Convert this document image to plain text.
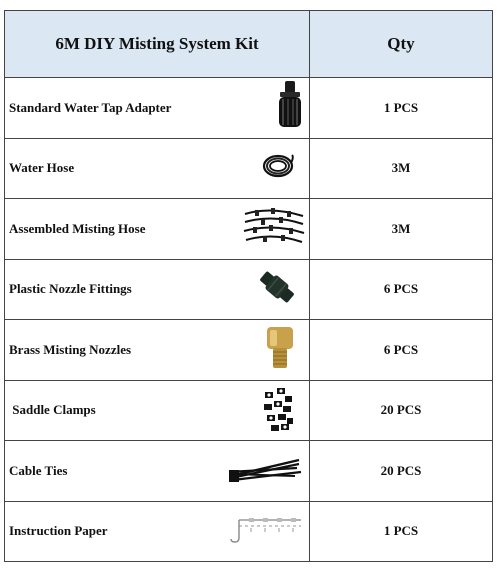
6M DIY Misting System Kit	Qty

Standard Water Tap Adapter	1 PCS

Water Hose	3M

Assembled Misting Hose	3M

Plastic Nozzle Fittings	6 PCS

Brass Misting Nozzles	6 PCS

Saddle Clamps	20 PCS

Cable Ties	20 PCS

Instruction Paper	1 PCS
